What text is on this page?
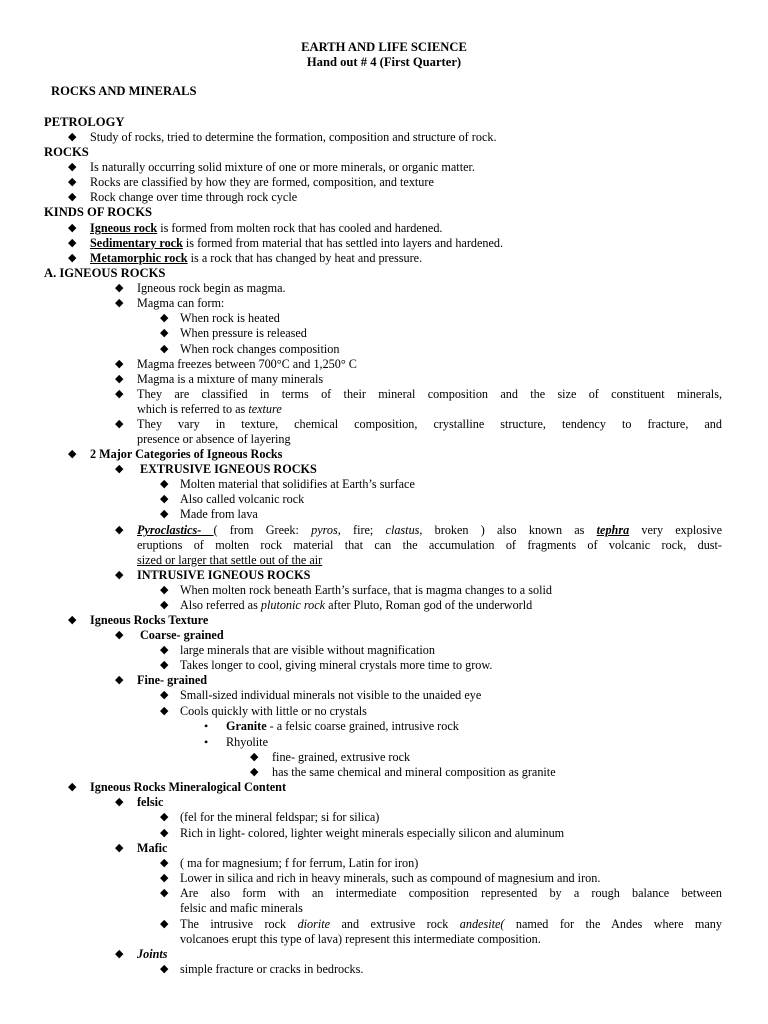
EARTH AND LIFE SCIENCE
Hand out # 4 (First Quarter)
ROCKS AND MINERALS
PETROLOGY
◆ Study of rocks, tried to determine the formation, composition and structure of rock.
ROCKS
◆ Is naturally occurring solid mixture of one or more minerals, or organic matter.
◆ Rocks are classified by how they are formed, composition, and texture
◆ Rock change over time through rock cycle
KINDS OF ROCKS
◆ Igneous rock is formed from molten rock that has cooled and hardened.
◆ Sedimentary rock is formed from material that has settled into layers and hardened.
◆ Metamorphic rock is a rock that has changed by heat and pressure.
A. IGNEOUS ROCKS
◆ Igneous rock begin as magma.
◆ Magma can form:
◆ When rock is heated
◆ When pressure is released
◆ When rock changes composition
◆ Magma freezes between 700°C and 1,250° C
◆ Magma is a mixture of many minerals
◆ They are classified in terms of their mineral composition and the size of constituent minerals,
which is referred to as texture
◆ They vary in texture, chemical composition, crystalline structure, tendency to fracture, and
presence or absence of layering
◆ 2 Major Categories of Igneous Rocks
◆ EXTRUSIVE IGNEOUS ROCKS
◆ Molten material that solidifies at Earth’s surface
◆ Also called volcanic rock
◆ Made from lava
◆ Pyroclastics- ( from Greek: pyros, fire; clastus, broken ) also known as tephra very explosive
eruptions of molten rock material that can the accumulation of fragments of volcanic rock, dust-
sized or larger that settle out of the air
◆ INTRUSIVE IGNEOUS ROCKS
◆ When molten rock beneath Earth’s surface, that is magma changes to a solid
◆ Also referred as plutonic rock after Pluto, Roman god of the underworld
◆ Igneous Rocks Texture
◆ Coarse- grained
◆ large minerals that are visible without magnification
◆ Takes longer to cool, giving mineral crystals more time to grow.
◆ Fine- grained
◆ Small-sized individual minerals not visible to the unaided eye
◆ Cools quickly with little or no crystals
• Granite - a felsic coarse grained, intrusive rock
• Rhyolite
◆ fine- grained, extrusive rock
◆ has the same chemical and mineral composition as granite
◆ Igneous Rocks Mineralogical Content
◆ felsic
◆ (fel for the mineral feldspar; si for silica)
◆ Rich in light- colored, lighter weight minerals especially silicon and aluminum
◆ Mafic
◆ ( ma for magnesium; f for ferrum, Latin for iron)
◆ Lower in silica and rich in heavy minerals, such as compound of magnesium and iron.
◆ Are also form with an intermediate composition represented by a rough balance between
felsic and mafic minerals
◆ The intrusive rock diorite and extrusive rock andesite( named for the Andes where many
volcanoes erupt this type of lava) represent this intermediate composition.
◆ Joints
◆ simple fracture or cracks in bedrocks.
